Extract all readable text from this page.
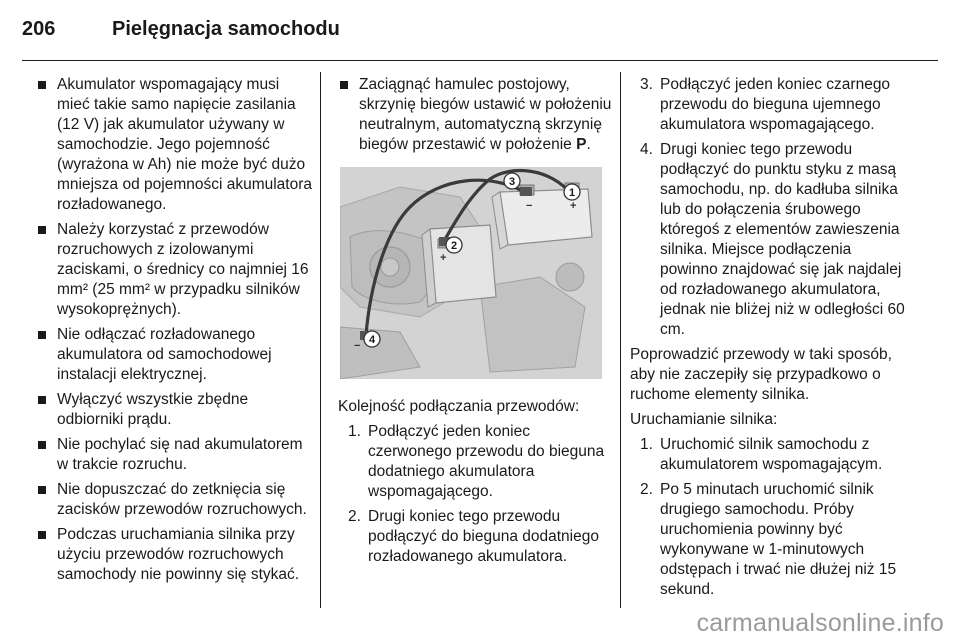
206	Pielęgnacja samochodu
Akumulator wspomagający musi mieć takie samo napięcie zasilania (12 V) jak akumulator używany w samochodzie. Jego pojemność (wyrażona w Ah) nie może być dużo mniejsza od pojemności akumulatora rozładowanego.
Należy korzystać z przewodów rozruchowych z izolowanymi zaciskami, o średnicy co najmniej 16 mm² (25 mm² w przypadku silników wysokoprężnych).
Nie odłączać rozładowanego akumulatora od samochodowej instalacji elektrycznej.
Wyłączyć wszystkie zbędne odbiorniki prądu.
Nie pochylać się nad akumulatorem w trakcie rozruchu.
Nie dopuszczać do zetknięcia się zacisków przewodów rozruchowych.
Podczas uruchamiania silnika przy użyciu przewodów rozruchowych samochody nie powinny się stykać.
Zaciągnąć hamulec postojowy, skrzynię biegów ustawić w położeniu neutralnym, automatyczną skrzynię biegów przestawić w położenie P.
−	+
+
−
1
2
3
4
Kolejność podłączania przewodów:
1. Podłączyć jeden koniec czerwonego przewodu do bieguna dodatniego akumulatora wspomagającego.
2. Drugi koniec tego przewodu podłączyć do bieguna dodatniego rozładowanego akumulatora.
3. Podłączyć jeden koniec czarnego przewodu do bieguna ujemnego akumulatora wspomagającego.
4. Drugi koniec tego przewodu podłączyć do punktu styku z masą samochodu, np. do kadłuba silnika lub do połączenia śrubowego któregoś z elementów zawieszenia silnika. Miejsce podłączenia powinno znajdować się jak najdalej od rozładowanego akumulatora, jednak nie bliżej niż w odległości 60 cm.
Poprowadzić przewody w taki sposób, aby nie zaczepiły się przypadkowo o ruchome elementy silnika.
Uruchamianie silnika:
1. Uruchomić silnik samochodu z akumulatorem wspomagającym.
2. Po 5 minutach uruchomić silnik drugiego samochodu. Próby uruchomienia powinny być wykonywane w 1-minutowych odstępach i trwać nie dłużej niż 15 sekund.
carmanualsonline.info
